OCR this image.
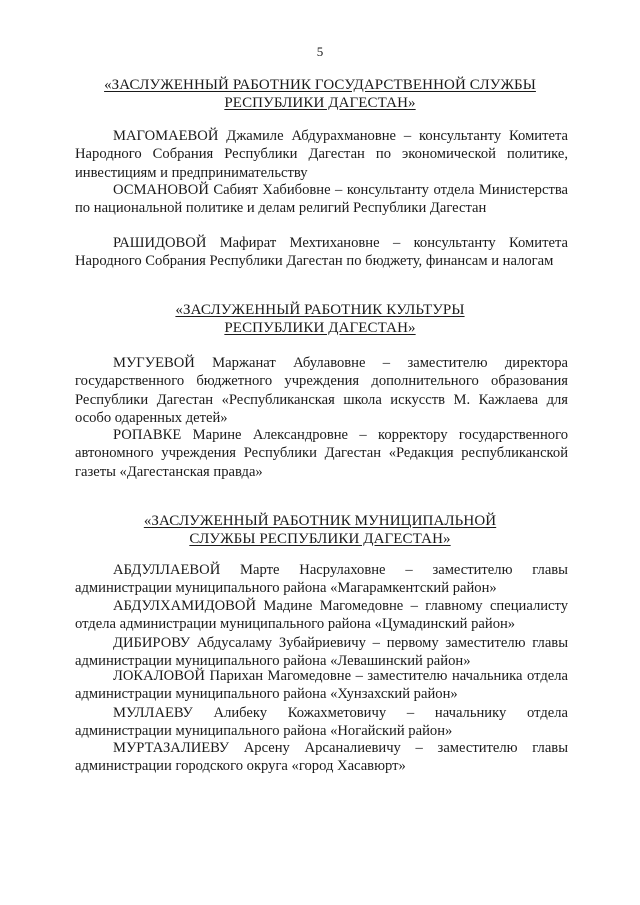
5
«ЗАСЛУЖЕННЫЙ РАБОТНИК ГОСУДАРСТВЕННОЙ СЛУЖБЫ
РЕСПУБЛИКИ ДАГЕСТАН»

МАГОМАЕВОЙ Джамиле Абдурахмановне – консультанту Комитета Народного Собрания Республики Дагестан по экономической политике, инвестициям и предпринимательству

ОСМАНОВОЙ Сабият Хабибовне – консультанту отдела Министерства по национальной политике и делам религий Республики Дагестан

РАШИДОВОЙ Мафират Мехтихановне – консультанту Комитета Народного Собрания Республики Дагестан по бюджету, финансам и налогам

«ЗАСЛУЖЕННЫЙ РАБОТНИК КУЛЬТУРЫ
РЕСПУБЛИКИ ДАГЕСТАН»

МУГУЕВОЙ Маржанат Абулавовне – заместителю директора государственного бюджетного учреждения дополнительного образования Республики Дагестан «Республиканская школа искусств М. Кажлаева для особо одаренных детей»

РОПАВКЕ Марине Александровне – корректору государственного автономного учреждения Республики Дагестан «Редакция республиканской газеты «Дагестанская правда»

«ЗАСЛУЖЕННЫЙ РАБОТНИК МУНИЦИПАЛЬНОЙ
СЛУЖБЫ РЕСПУБЛИКИ ДАГЕСТАН»

АБДУЛЛАЕВОЙ Марте Насрулаховне – заместителю главы администрации муниципального района «Магарамкентский район»

АБДУЛХАМИДОВОЙ Мадине Магомедовне – главному специалисту отдела администрации муниципального района «Цумадинский район»

ДИБИРОВУ Абдусаламу Зубайриевичу – первому заместителю главы администрации муниципального района «Левашинский район»

ЛОКАЛОВОЙ Парихан Магомедовне – заместителю начальника отдела администрации муниципального района «Хунзахский район»

МУЛЛАЕВУ Алибеку Кожахметовичу – начальнику отдела администрации муниципального района «Ногайский район»

МУРТАЗАЛИЕВУ Арсену Арсаналиевичу – заместителю главы администрации городского округа «город Хасавюрт»
